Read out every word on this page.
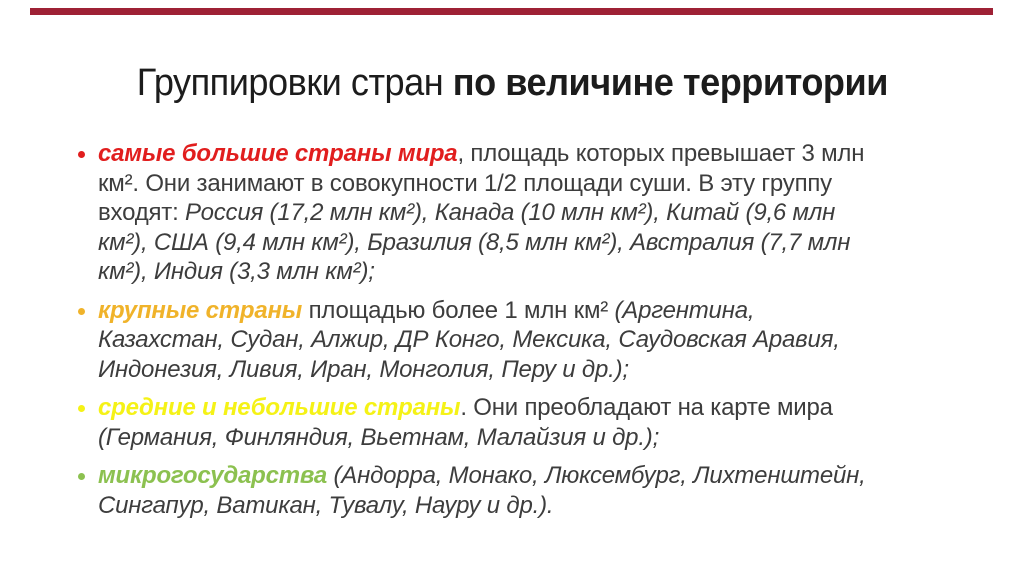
Группировки стран по величине территории
самые большие страны мира, площадь которых превышает 3 млн
км². Они занимают в совокупности 1/2 площади суши. В эту группу
входят: Россия (17,2 млн км²), Канада (10 млн км²), Китай (9,6 млн
км²), США (9,4 млн км²), Бразилия (8,5 млн км²), Австралия (7,7 млн
км²), Индия (3,3 млн км²);
крупные страны площадью более 1 млн км² (Аргентина,
Казахстан, Судан, Алжир, ДР Конго, Мексика, Саудовская Аравия,
Индонезия, Ливия, Иран, Монголия, Перу и др.);
средние и небольшие страны. Они преобладают на карте мира
(Германия, Финляндия, Вьетнам, Малайзия и др.);
микрогосударства (Андорра, Монако, Люксембург, Лихтенштейн,
Сингапур, Ватикан, Тувалу, Науру и др.).
